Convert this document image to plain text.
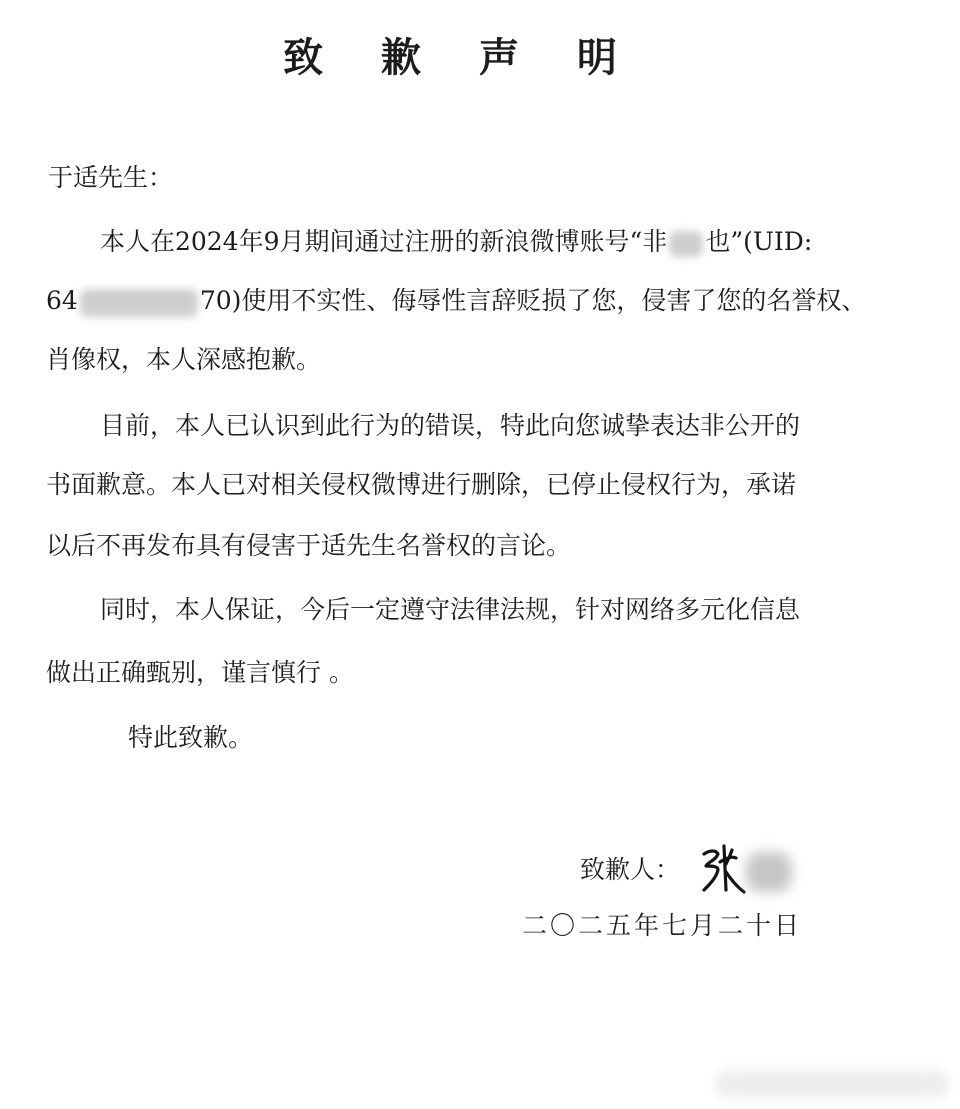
致 歉 声 明
于适先生：
本人在2024年9月期间通过注册的新浪微博账号“非 也”(UID:
64	70)使用不实性、侮辱性言辞贬损了您，侵害了您的名誉权、
肖像权，本人深感抱歉。
目前，本人已认识到此行为的错误，特此向您诚挚表达非公开的
书面歉意。本人已对相关侵权微博进行删除，已停止侵权行为，承诺
以后不再发布具有侵害于适先生名誉权的言论。
同时，本人保证，今后一定遵守法律法规，针对网络多元化信息
做出正确甄别，谨言慎行 。
特此致歉。
致歉人：
二〇二五年七月二十日
